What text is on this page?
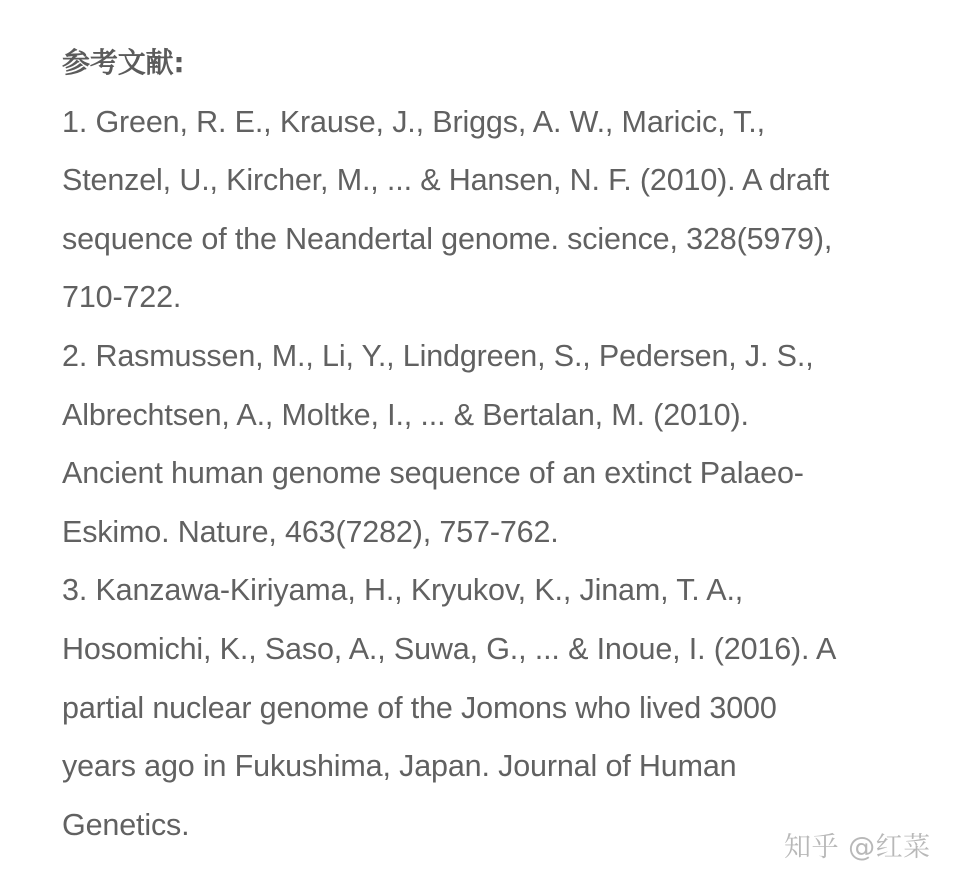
参考文献:
1. Green, R. E., Krause, J., Briggs, A. W., Maricic, T.,
Stenzel, U., Kircher, M., ... & Hansen, N. F. (2010). A draft
sequence of the Neandertal genome. science, 328(5979),
710-722.
2. Rasmussen, M., Li, Y., Lindgreen, S., Pedersen, J. S.,
Albrechtsen, A., Moltke, I., ... & Bertalan, M. (2010).
Ancient human genome sequence of an extinct Palaeo-
Eskimo. Nature, 463(7282), 757-762.
3. Kanzawa-Kiriyama, H., Kryukov, K., Jinam, T. A.,
Hosomichi, K., Saso, A., Suwa, G., ... & Inoue, I. (2016). A
partial nuclear genome of the Jomons who lived 3000
years ago in Fukushima, Japan. Journal of Human
Genetics.
知乎 @红菜
